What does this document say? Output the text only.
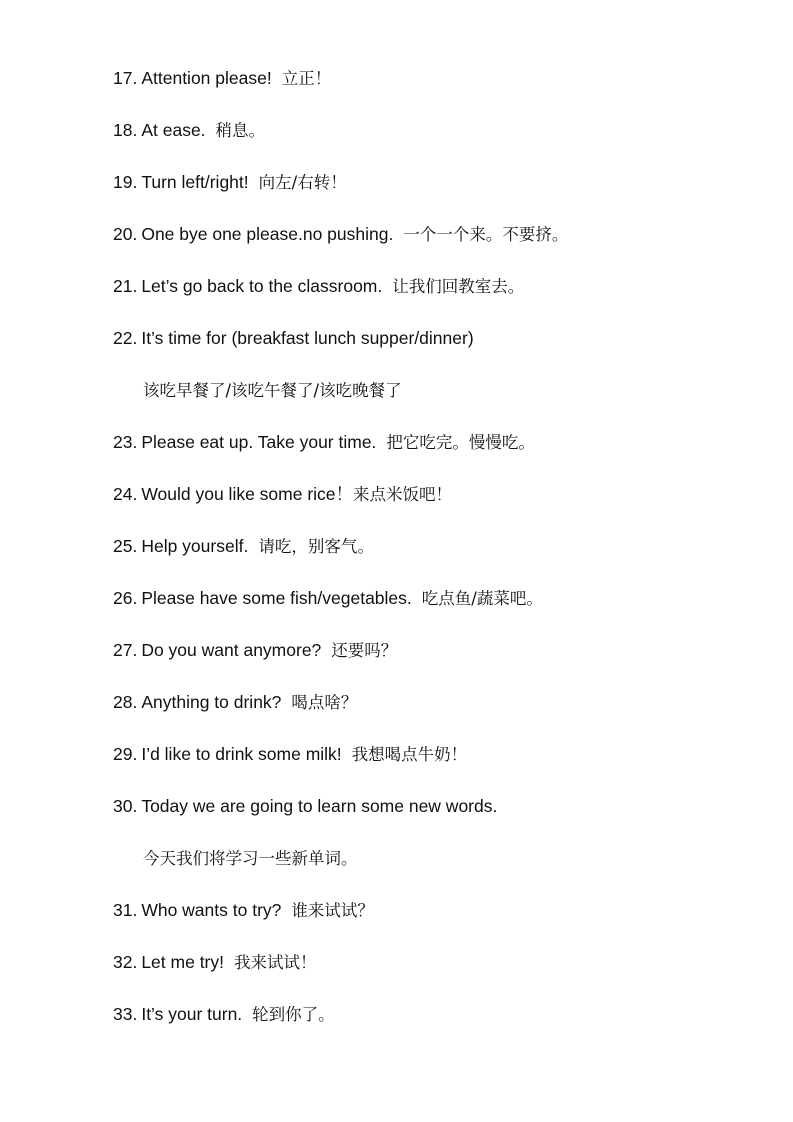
17. Attention please! 立正！
18. At ease. 稍息。
19. Turn left/right! 向左/右转！
20. One bye one please.no pushing. 一个一个来。不要挤。
21. Let’s go back to the classroom. 让我们回教室去。
22. It’s time for (breakfast lunch supper/dinner)
该吃早餐了/该吃午餐了/该吃晚餐了
23. Please eat up. Take your time. 把它吃完。慢慢吃。
24. Would you like some rice！来点米饭吧！
25. Help yourself. 请吃，别客气。
26. Please have some fish/vegetables. 吃点鱼/蔬菜吧。
27. Do you want anymore? 还要吗？
28. Anything to drink? 喝点啥？
29. I’d like to drink some milk! 我想喝点牛奶！
30. Today we are going to learn some new words.
今天我们将学习一些新单词。
31. Who wants to try? 谁来试试？
32. Let me try! 我来试试！
33. It’s your turn. 轮到你了。
